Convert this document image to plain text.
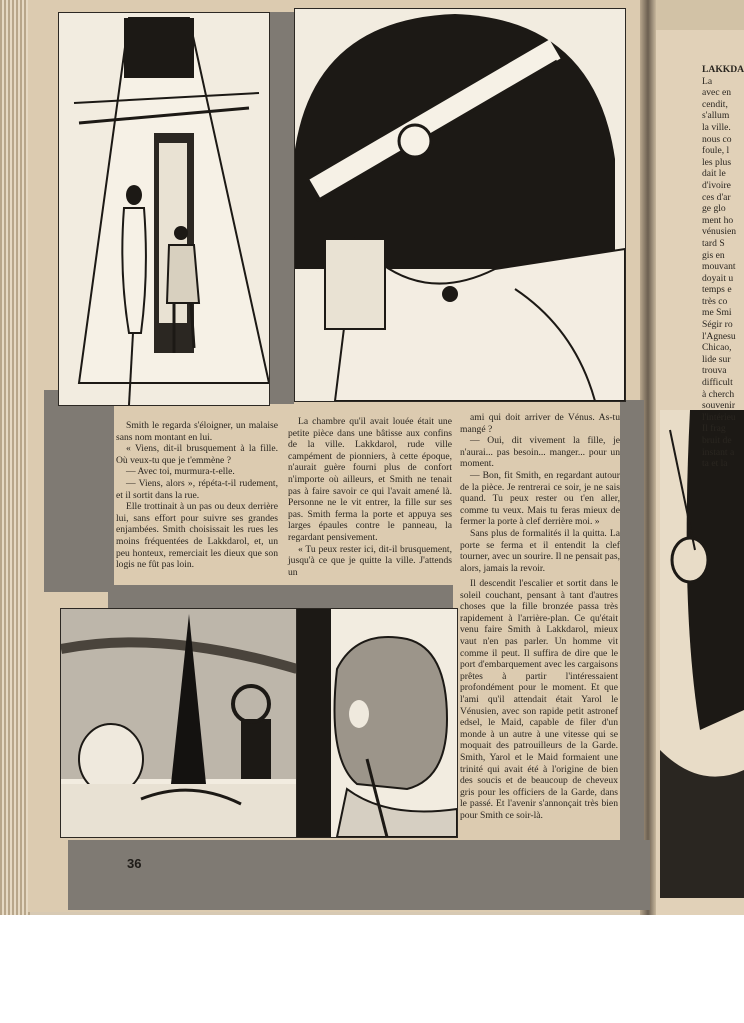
Smith le regarda s'éloigner, un malaise sans nom montant en lui.

« Viens, dit-il brusquement à la fille. Où veux-tu que je t'emmène ?

— Avec toi, murmura-t-elle.

— Viens, alors », répéta-t-il rudement, et il sortit dans la rue.

Elle trottinait à un pas ou deux derrière lui, sans effort pour suivre ses grandes enjambées. Smith choisissait les rues les moins fréquentées de Lakkdarol, et, un peu honteux, remerciait les dieux que son logis ne fût pas loin.

La chambre qu'il avait louée était une petite pièce dans une bâtisse aux confins de la ville. Lakkdarol, rude ville campément de pionniers, à cette époque, n'aurait guère fourni plus de confort n'importe où ailleurs, et Smith ne tenait pas à faire savoir ce qui l'avait amené là. Personne ne le vit entrer, la fille sur ses pas. Smith ferma la porte et appuya ses larges épaules contre le panneau, la regardant pensivement.

« Tu peux rester ici, dit-il brusquement, jusqu'à ce que je quitte la ville. J'attends un

ami qui doit arriver de Vénus. As-tu mangé ?

— Oui, dit vivement la fille, je n'aurai... pas besoin... manger... pour un moment.

— Bon, fit Smith, en regardant autour de la pièce. Je rentrerai ce soir, je ne sais quand. Tu peux rester ou t'en aller, comme tu veux. Mais tu feras mieux de fermer la porte à clef derrière moi. »

Sans plus de formalités il la quitta. La porte se ferma et il entendit la clef tourner, avec un sourire. Il ne pensait pas, alors, jamais la revoir.

Il descendit l'escalier et sortit dans le soleil couchant, pensant à tant d'autres choses que la fille bronzée passa très rapidement à l'arrière-plan. Ce qu'était venu faire Smith à Lakkdarol, mieux vaut n'en pas parler. Un homme vit comme il peut. Il suffira de dire que le port d'embarquement avec les cargaisons prêtes à partir l'intéressaient profondément pour le moment. Et que l'ami qu'il attendait était Yarol le Vénusien, avec son rapide petit astronef edsel, le Maid, capable de filer d'un monde à un autre à une vitesse qui se moquait des patrouilleurs de la Garde. Smith, Yarol et le Maid formaient une trinité qui avait été à l'origine de bien des soucis et de beaucoup de cheveux gris pour les officiers de la Garde, dans le passé. Et l'avenir s'annonçait très bien pour Smith ce soir-là.

36

LAKKDA

La

avec en

cendit,

s'allum

la ville.

nous co

foule, l

les plus

dait le

d'ivoire

ces d'ar

ge glo

ment ho

vénusien

tard S

gis en

mouvant

doyait u

temps e

très co

me Smi

Ségir ro

l'Agnesu

Chicao,

lide sur

trouva

difficult

à cherch

souvenir

l'intérieu

Il frag

bruit de

instant a

ta et la
